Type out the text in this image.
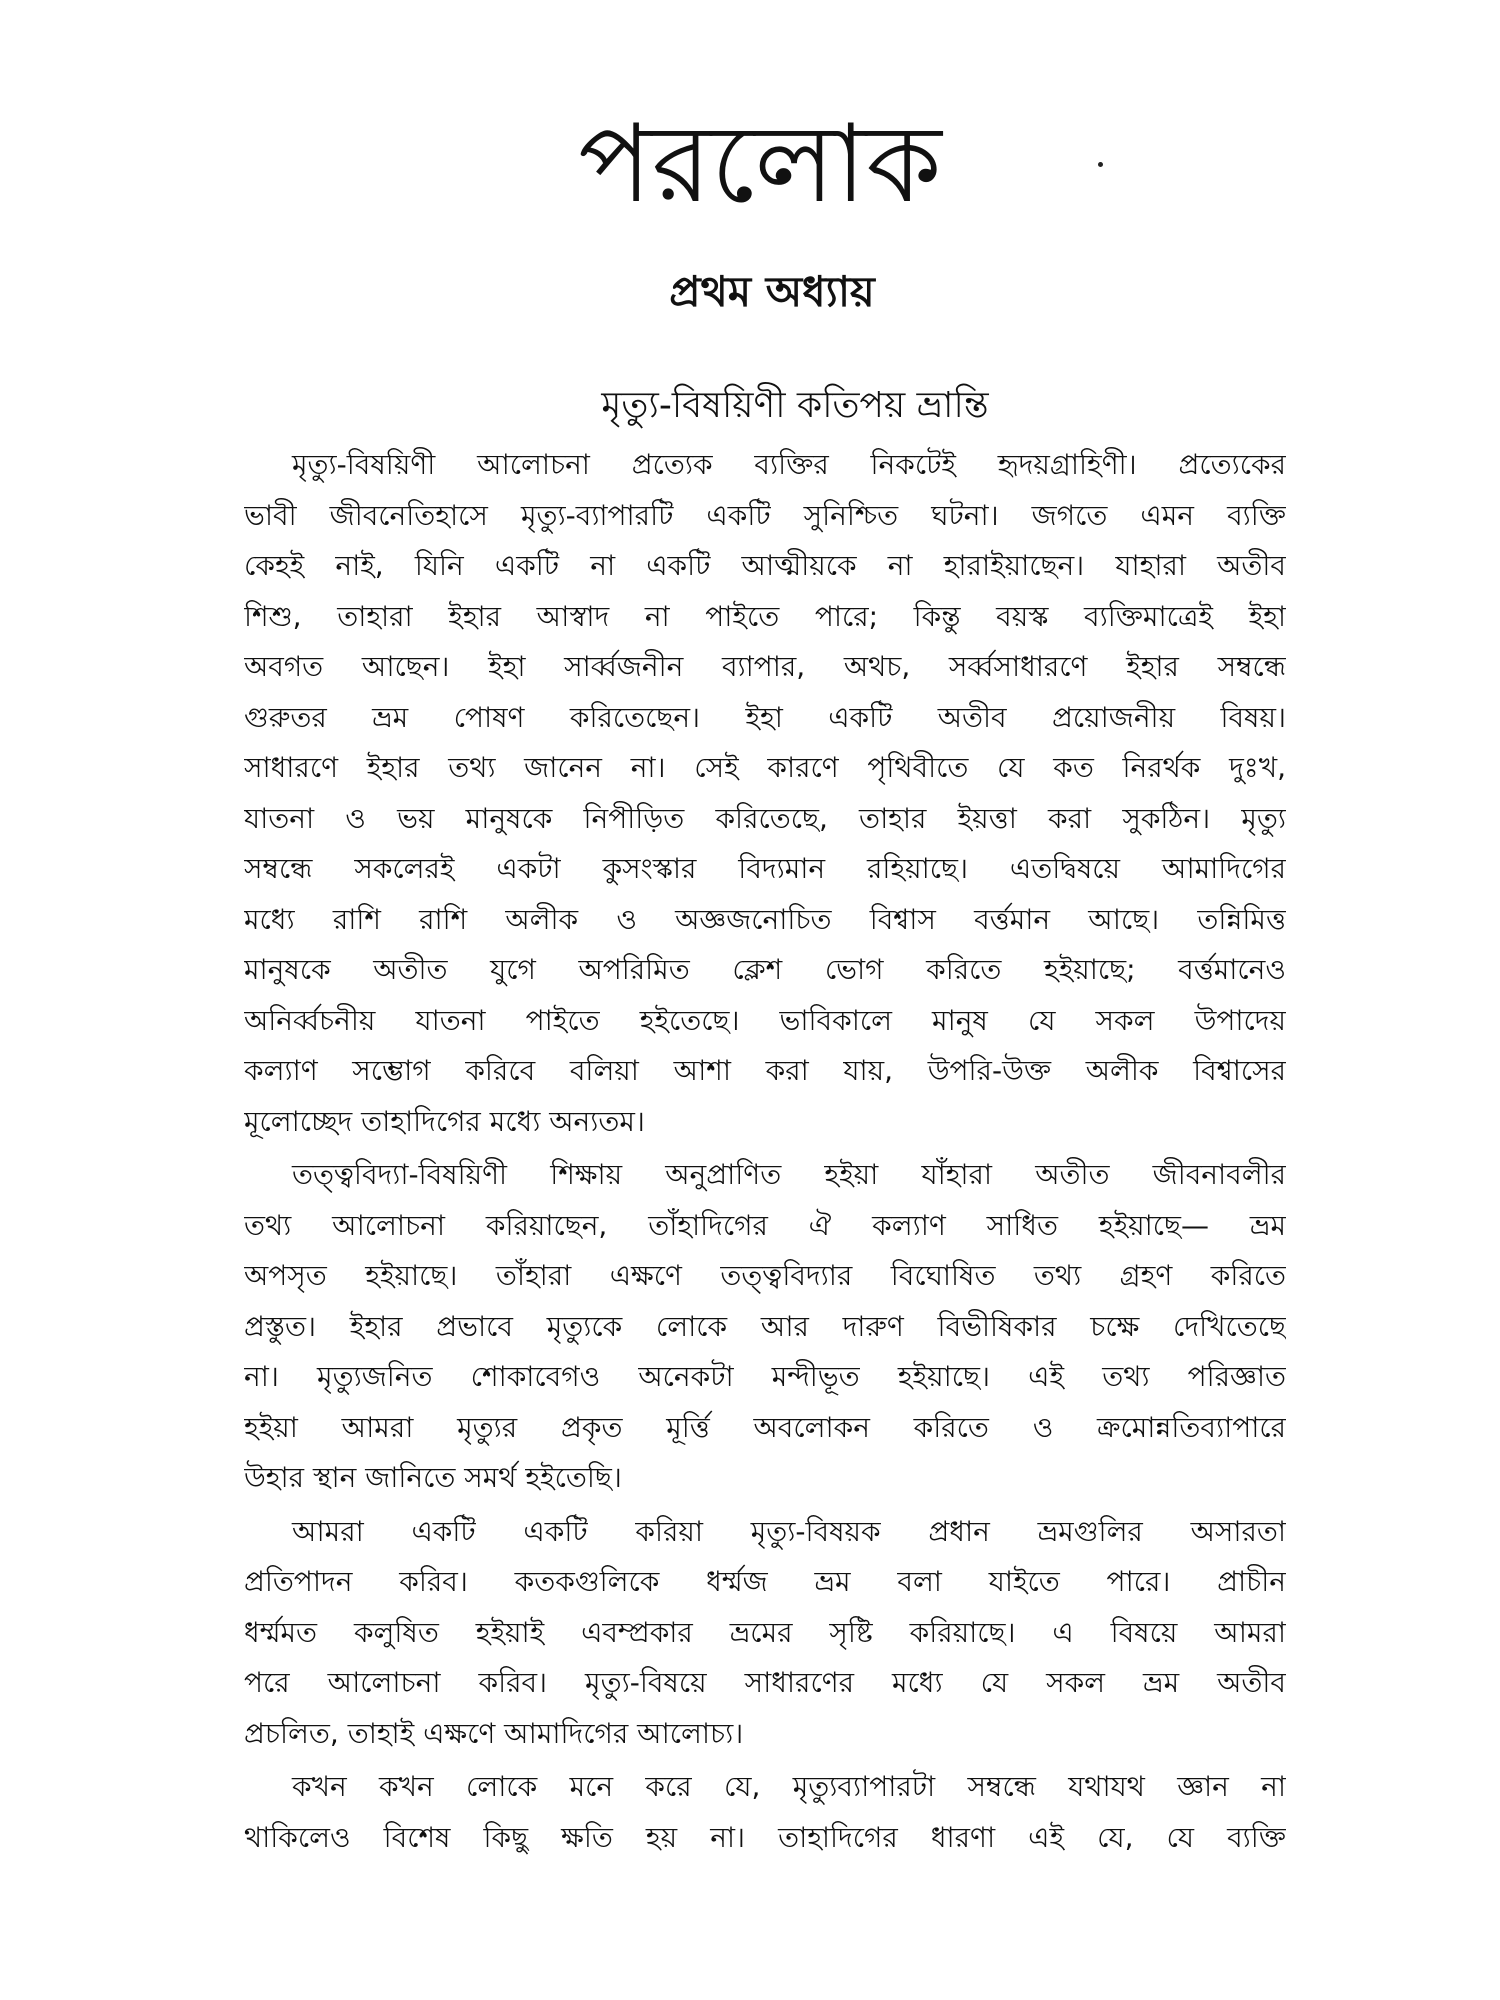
পরলোক
প্রথম অধ্যায়
মৃত্যু-বিষয়িণী কতিপয় ভ্রান্তি
মৃত্যু-বিষয়িণী আলোচনা প্রত্যেক ব্যক্তির নিকটেই হৃদয়গ্রাহিণী। প্রত্যেকের
ভাবী জীবনেতিহাসে মৃত্যু-ব্যাপারটি একটি সুনিশ্চিত ঘটনা। জগতে এমন ব্যক্তি
কেহই নাই, যিনি একটি না একটি আত্মীয়কে না হারাইয়াছেন। যাহারা অতীব
শিশু, তাহারা ইহার আস্বাদ না পাইতে পারে; কিন্তু বয়স্ক ব্যক্তিমাত্রেই ইহা
অবগত আছেন। ইহা সার্ব্বজনীন ব্যাপার, অথচ, সর্ব্বসাধারণে ইহার সম্বন্ধে
গুরুতর ভ্রম পোষণ করিতেছেন। ইহা একটি অতীব প্রয়োজনীয় বিষয়।
সাধারণে ইহার তথ্য জানেন না। সেই কারণে পৃথিবীতে যে কত নিরর্থক দুঃখ,
যাতনা ও ভয় মানুষকে নিপীড়িত করিতেছে, তাহার ইয়ত্তা করা সুকঠিন। মৃত্যু
সম্বন্ধে সকলেরই একটা কুসংস্কার বিদ্যমান রহিয়াছে। এতদ্বিষয়ে আমাদিগের
মধ্যে রাশি রাশি অলীক ও অজ্ঞজনোচিত বিশ্বাস বর্ত্তমান আছে। তন্নিমিত্ত
মানুষকে অতীত যুগে অপরিমিত ক্লেশ ভোগ করিতে হইয়াছে; বর্ত্তমানেও
অনির্ব্বচনীয় যাতনা পাইতে হইতেছে। ভাবিকালে মানুষ যে সকল উপাদেয়
কল্যাণ সম্ভোগ করিবে বলিয়া আশা করা যায়, উপরি-উক্ত অলীক বিশ্বাসের
মূলোচ্ছেদ তাহাদিগের মধ্যে অন্যতম।
তত্ত্ববিদ্যা-বিষয়িণী শিক্ষায় অনুপ্রাণিত হইয়া যাঁহারা অতীত জীবনাবলীর
তথ্য আলোচনা করিয়াছেন, তাঁহাদিগের ঐ কল্যাণ সাধিত হইয়াছে— ভ্রম
অপসৃত হইয়াছে। তাঁহারা এক্ষণে তত্ত্ববিদ্যার বিঘোষিত তথ্য গ্রহণ করিতে
প্রস্তুত। ইহার প্রভাবে মৃত্যুকে লোকে আর দারুণ বিভীষিকার চক্ষে দেখিতেছে
না। মৃত্যুজনিত শোকাবেগও অনেকটা মন্দীভূত হইয়াছে। এই তথ্য পরিজ্ঞাত
হইয়া আমরা মৃত্যুর প্রকৃত মূর্ত্তি অবলোকন করিতে ও ক্রমোন্নতিব্যাপারে
উহার স্থান জানিতে সমর্থ হইতেছি।
আমরা একটি একটি করিয়া মৃত্যু-বিষয়ক প্রধান ভ্রমগুলির অসারতা
প্রতিপাদন করিব। কতকগুলিকে ধর্ম্মজ ভ্রম বলা যাইতে পারে। প্রাচীন
ধর্ম্মমত কলুষিত হইয়াই এবম্প্রকার ভ্রমের সৃষ্টি করিয়াছে। এ বিষয়ে আমরা
পরে আলোচনা করিব। মৃত্যু-বিষয়ে সাধারণের মধ্যে যে সকল ভ্রম অতীব
প্রচলিত, তাহাই এক্ষণে আমাদিগের আলোচ্য।
কখন কখন লোকে মনে করে যে, মৃত্যুব্যাপারটা সম্বন্ধে যথাযথ জ্ঞান না
থাকিলেও বিশেষ কিছু ক্ষতি হয় না। তাহাদিগের ধারণা এই যে, যে ব্যক্তি
